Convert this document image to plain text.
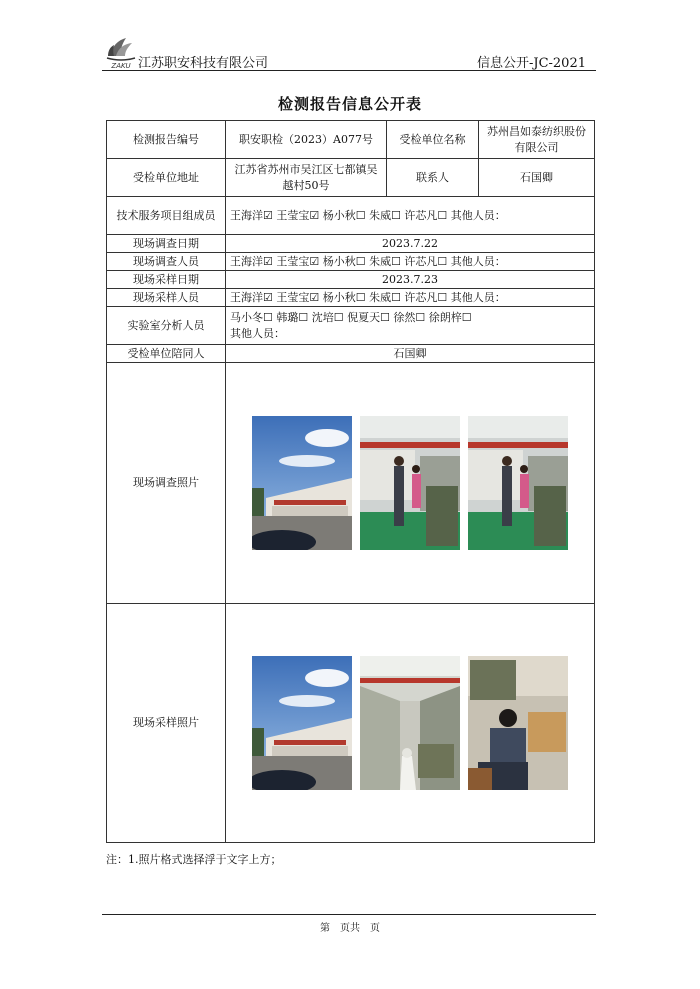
ZAKU 江苏职安科技有限公司	信息公开-JC-2021
检测报告信息公开表
检测报告编号	职安职检（2023）A077号	受检单位名称	苏州昌如泰纺织股份有限公司
受检单位地址	江苏省苏州市吴江区七都镇吴越村50号	联系人	石国卿
技术服务项目组成员	王海洋☑ 王莹宝☑ 杨小秋☐ 朱威☐ 许芯凡☐ 其他人员：		
现场调查日期	2023.7.22		
现场调查人员	王海洋☑ 王莹宝☑ 杨小秋☐ 朱威☐ 许芯凡☐ 其他人员：		
现场采样日期	2023.7.23		
现场采样人员	王海洋☑ 王莹宝☑ 杨小秋☐ 朱威☐ 许芯凡☐ 其他人员：		
实验室分析人员	马小冬☐ 韩璐☐ 沈培☐ 倪夏天☐ 徐然☐ 徐朗梓☐
其他人员：		

受检单位陪同人	石国卿		
现场调查照片	

现场采样照片	
注：1.照片格式选择浮于文字上方；
第　页共　页
